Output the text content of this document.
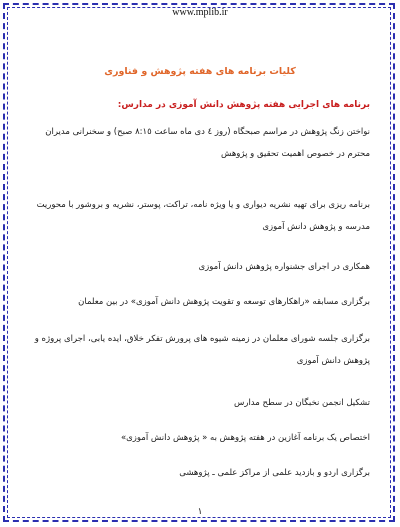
www.mplib.ir
کلیات برنامه های هفته پژوهش و فناوری
برنامه های اجرایی هفته پژوهش دانش آموزی در مدارس:
نواختن زنگ پژوهش در مراسم صبحگاه (روز ٤ دی ماه ساعت ٨:١٥ صبح) و سخنرانی مدیران
محترم در خصوص اهمیت تحقیق و پژوهش
برنامه ریزی برای تهیه نشریه دیواری و یا ویژه نامه، تراکت، پوستر، نشریه و بروشور با محوریت
مدرسه و پژوهش دانش آموزی
همکاری در اجرای جشنواره پژوهش دانش آموزی
برگزاری مسابقه «راهکارهای توسعه و تقویت پژوهش دانش آموزی» در بین معلمان
برگزاری جلسه شورای معلمان در زمینه شیوه های پرورش تفکر خلاق، ایده یابی، اجرای پروژه و
پژوهش دانش آموزی
تشکیل انجمن نخبگان در سطح مدارس
اختصاص یک برنامه آغازین در هفته پژوهش به « پژوهش دانش آموزی»
برگزاری اردو و بازدید علمی از مراکز علمی ـ پژوهشی
١
